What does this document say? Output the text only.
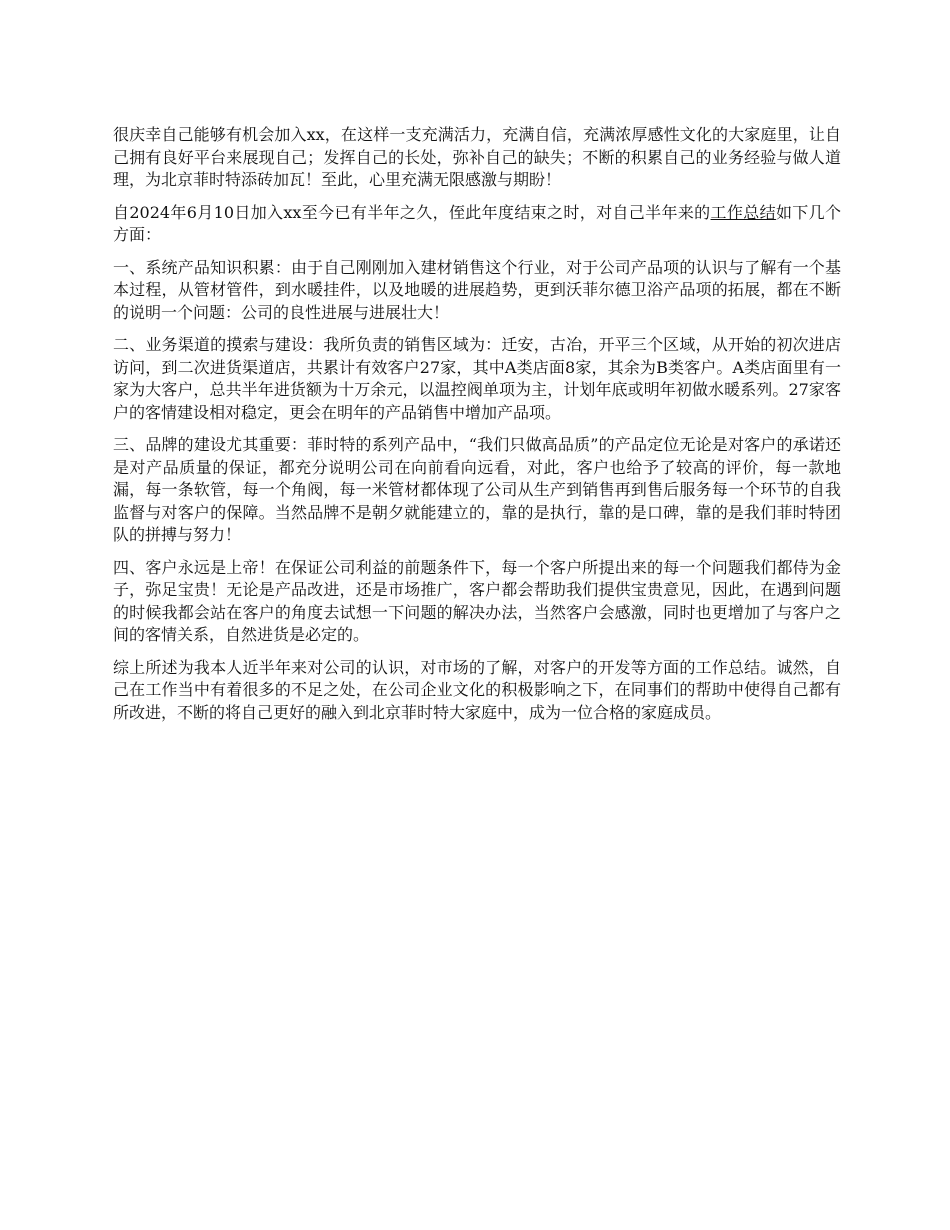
很庆幸自己能够有机会加入xx，在这样一支充满活力，充满自信，充满浓厚感性文化的大家庭里，让自己拥有良好平台来展现自己；发挥自己的长处，弥补自己的缺失；不断的积累自己的业务经验与做人道理，为北京菲时特添砖加瓦！至此，心里充满无限感激与期盼！

自2024年6月10日加入xx至今已有半年之久，侄此年度结束之时，对自己半年来的工作总结如下几个方面：

一、系统产品知识积累：由于自己刚刚加入建材销售这个行业，对于公司产品项的认识与了解有一个基本过程，从管材管件，到水暖挂件，以及地暖的进展趋势，更到沃菲尔德卫浴产品项的拓展，都在不断的说明一个问题：公司的良性进展与进展壮大！

二、业务渠道的摸索与建设：我所负责的销售区域为：迁安，古冶，开平三个区域，从开始的初次进店访问，到二次进货渠道店，共累计有效客户27家，其中A类店面8家，其余为B类客户。A类店面里有一家为大客户，总共半年进货额为十万余元，以温控阀单项为主，计划年底或明年初做水暖系列。27家客户的客情建设相对稳定，更会在明年的产品销售中增加产品项。

三、品牌的建设尤其重要：菲时特的系列产品中，“我们只做高品质”的产品定位无论是对客户的承诺还是对产品质量的保证，都充分说明公司在向前看向远看，对此，客户也给予了较高的评价，每一款地漏，每一条软管，每一个角阀，每一米管材都体现了公司从生产到销售再到售后服务每一个环节的自我监督与对客户的保障。当然品牌不是朝夕就能建立的，靠的是执行，靠的是口碑，靠的是我们菲时特团队的拼搏与努力！

四、客户永远是上帝！在保证公司利益的前题条件下，每一个客户所提出来的每一个问题我们都侍为金子，弥足宝贵！无论是产品改进，还是市场推广，客户都会帮助我们提供宝贵意见，因此，在遇到问题的时候我都会站在客户的角度去试想一下问题的解决办法，当然客户会感激，同时也更增加了与客户之间的客情关系，自然进货是必定的。

综上所述为我本人近半年来对公司的认识，对市场的了解，对客户的开发等方面的工作总结。诚然，自己在工作当中有着很多的不足之处，在公司企业文化的积极影响之下，在同事们的帮助中使得自己都有所改进，不断的将自己更好的融入到北京菲时特大家庭中，成为一位合格的家庭成员。
